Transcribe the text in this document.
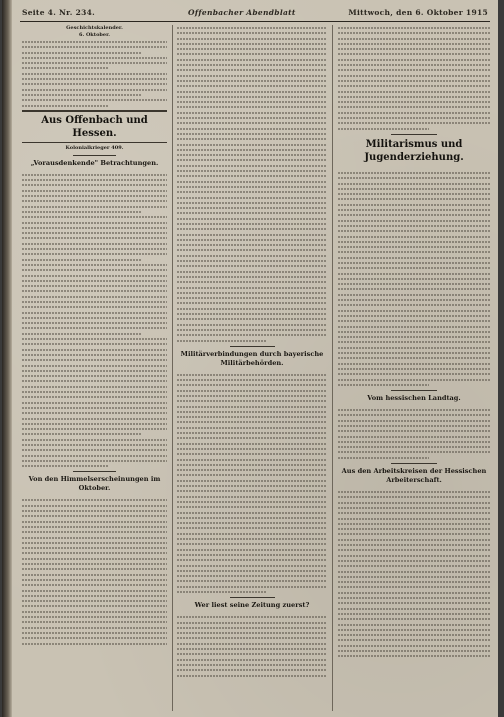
Seite 4. Nr. 234.	Offenbacher Abendblatt	Mittwoch, den 6. Oktober 1915
Geschichtskalender.
6. Oktober.
Aus Offenbach und Hessen.
Kolonialkrieger 409.
„Vorausdenkende" Betrachtungen.
Von den Himmelserscheinungen im Oktober.
Militärverbindungen durch bayerische Militärbehörden.
Wer liest seine Zeitung zuerst?
Militarismus und Jugenderziehung.
Vom hessischen Landtag.
Aus den Arbeitskreisen der Hessischen Arbeiterschaft.
